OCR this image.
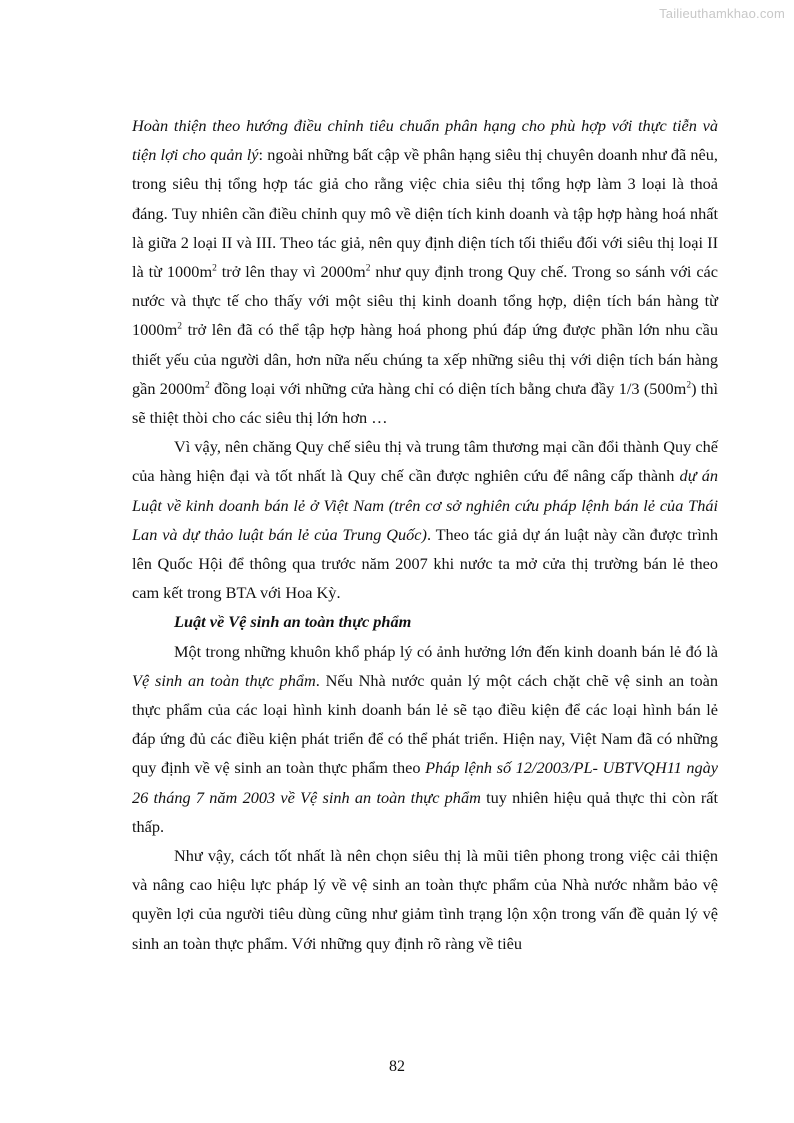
Tailieuthamkhao.com

Hoàn thiện theo hướng điều chỉnh tiêu chuẩn phân hạng cho phù hợp với thực tiễn và tiện lợi cho quản lý: ngoài những bất cập về phân hạng siêu thị chuyên doanh như đã nêu, trong siêu thị tổng hợp tác giả cho rằng việc chia siêu thị tổng hợp làm 3 loại là thoả đáng. Tuy nhiên cần điều chỉnh quy mô về diện tích kinh doanh và tập hợp hàng hoá nhất là giữa 2 loại II và III. Theo tác giả, nên quy định diện tích tối thiểu đối với siêu thị loại II là từ $1000m^2$ trở lên thay vì $2000m^2$ như quy định trong Quy chế. Trong so sánh với các nước và thực tế cho thấy với một siêu thị kinh doanh tổng hợp, diện tích bán hàng từ $1000m^2$ trở lên đã có thể tập hợp hàng hoá phong phú đáp ứng được phần lớn nhu cầu thiết yếu của người dân, hơn nữa nếu chúng ta xếp những siêu thị với diện tích bán hàng gần $2000m^2$ đồng loại với những cửa hàng chỉ có diện tích bằng chưa đầy 1/3 $(500m^2)$ thì sẽ thiệt thòi cho các siêu thị lớn hơn …

Vì vậy, nên chăng Quy chế siêu thị và trung tâm thương mại cần đổi thành Quy chế của hàng hiện đại và tốt nhất là Quy chế cần được nghiên cứu để nâng cấp thành dự án Luật về kinh doanh bán lẻ ở Việt Nam (trên cơ sở nghiên cứu pháp lệnh bán lẻ của Thái Lan và dự thảo luật bán lẻ của Trung Quốc). Theo tác giả dự án luật này cần được trình lên Quốc Hội để thông qua trước năm 2007 khi nước ta mở cửa thị trường bán lẻ theo cam kết trong BTA với Hoa Kỳ.

Luật về Vệ sinh an toàn thực phẩm

Một trong những khuôn khổ pháp lý có ảnh hưởng lớn đến kinh doanh bán lẻ đó là Vệ sinh an toàn thực phẩm. Nếu Nhà nước quản lý một cách chặt chẽ vệ sinh an toàn thực phẩm của các loại hình kinh doanh bán lẻ sẽ tạo điều kiện để các loại hình bán lẻ đáp ứng đủ các điều kiện phát triển để có thể phát triển. Hiện nay, Việt Nam đã có những quy định về vệ sinh an toàn thực phẩm theo Pháp lệnh số 12/2003/PL- UBTVQH11 ngày 26 tháng 7 năm 2003 về Vệ sinh an toàn thực phẩm tuy nhiên hiệu quả thực thi còn rất thấp.

Như vậy, cách tốt nhất là nên chọn siêu thị là mũi tiên phong trong việc cải thiện và nâng cao hiệu lực pháp lý về vệ sinh an toàn thực phẩm của Nhà nước nhằm bảo vệ quyền lợi của người tiêu dùng cũng như giảm tình trạng lộn xộn trong vấn đề quản lý vệ sinh an toàn thực phẩm. Với những quy định rõ ràng về tiêu

82
